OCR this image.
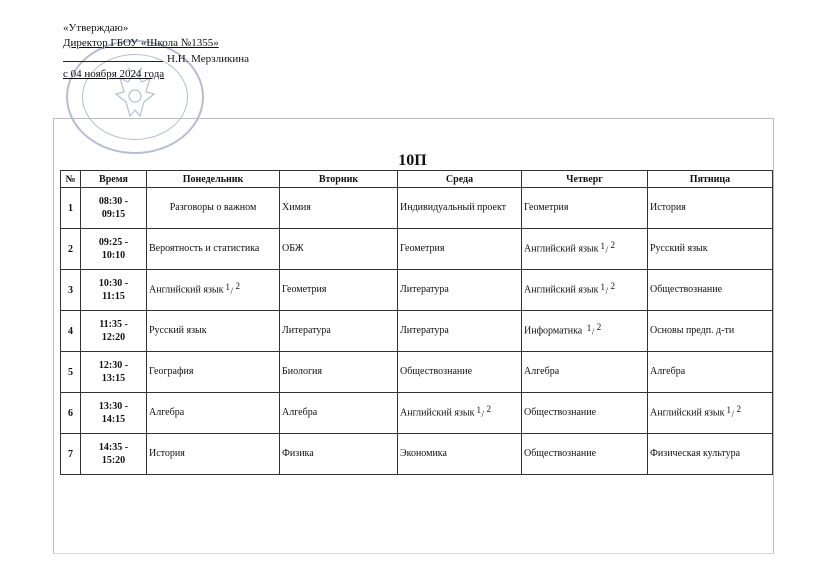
«Утверждаю»
Директор ГБОУ «Школа №1355»
Н.Н. Мерзликина
с 04 ноября 2024 года
10П
№	Время	Понедельник	Вторник	Среда	Четверг	Пятница
1	08:30 -
09:15	Разговоры о важном	Химия	Индивидуальный проект	Геометрия	История
2	09:25 -
10:10	Вероятность и статистика	ОБЖ	Геометрия	Английский язык 1 / 2	Русский язык
3	10:30 -
11:15	Английский язык 1 / 2	Геометрия	Литература	Английский язык 1 / 2	Обществознание
4	11:35 -
12:20	Русский язык	Литература	Литература	Информатика 1 / 2	Основы предп. д-ти
5	12:30 -
13:15	География	Биология	Обществознание	Алгебра	Алгебра
6	13:30 -
14:15	Алгебра	Алгебра	Английский язык 1 / 2	Обществознание	Английский язык 1 / 2

7	14:35 -
15:20	История	Физика	Экономика	Обществознание	Физическая культура
